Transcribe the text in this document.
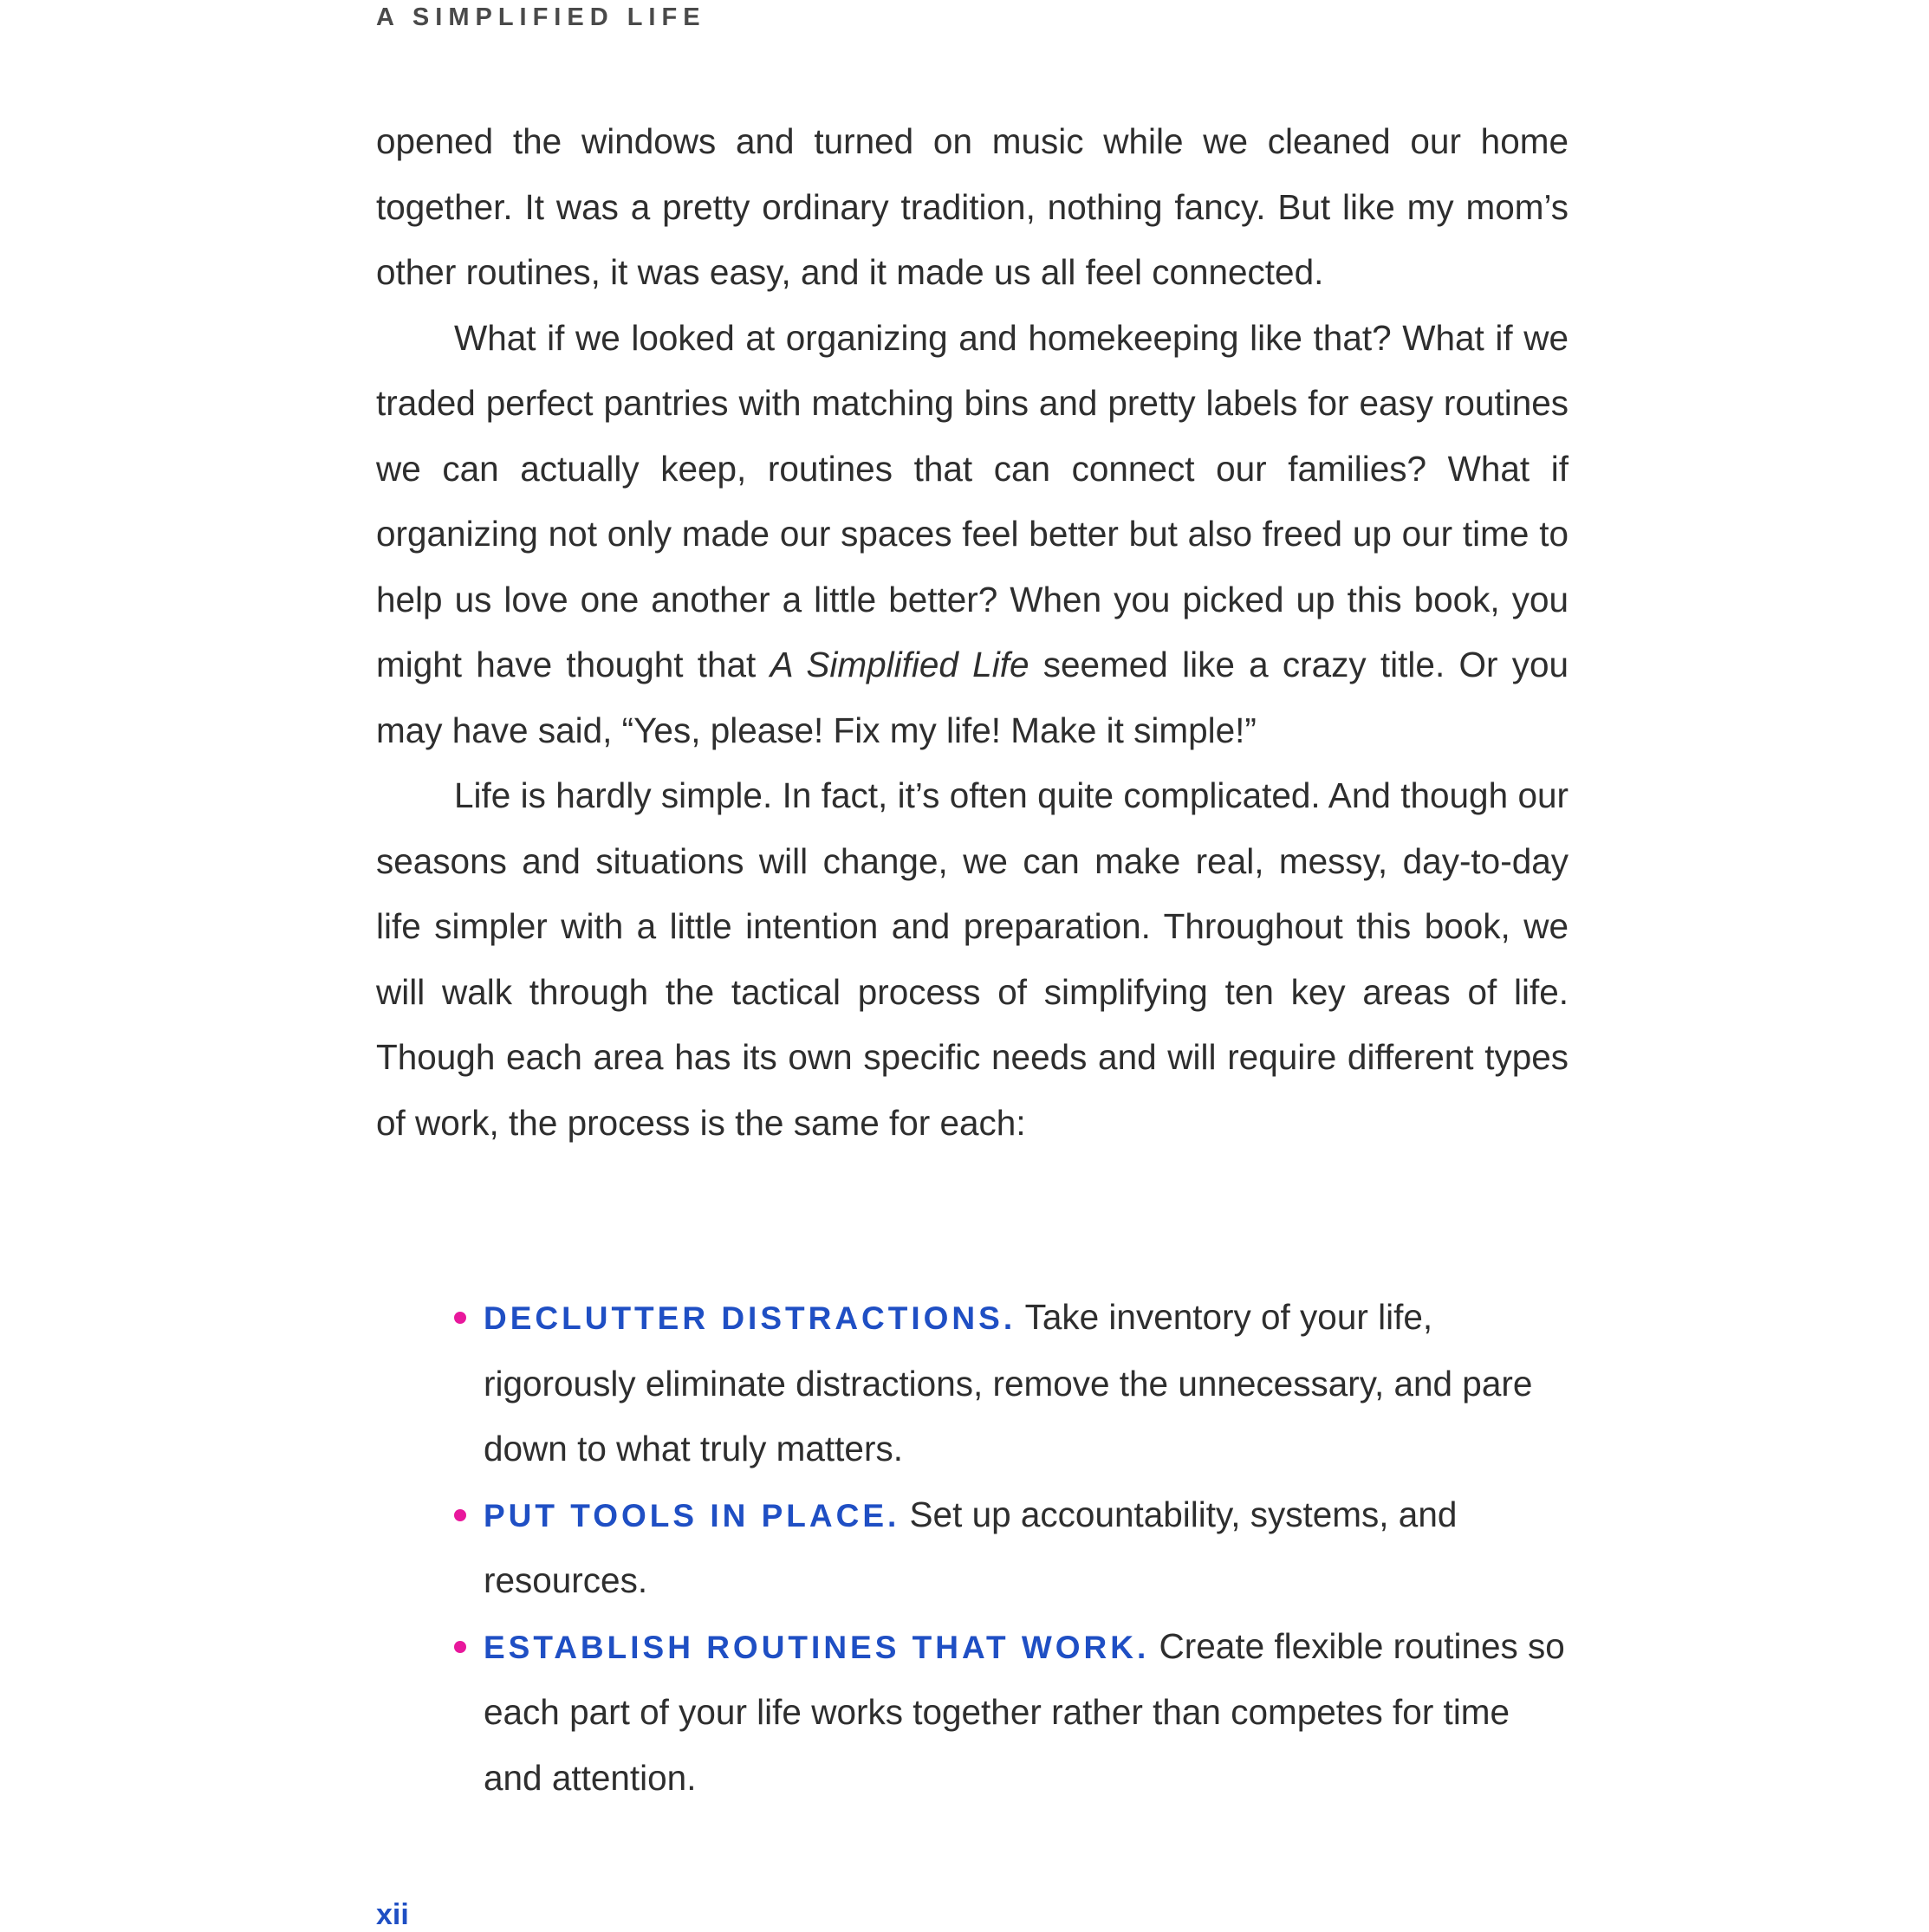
A SIMPLIFIED LIFE

opened the windows and turned on music while we cleaned our home together. It was a pretty ordinary tradition, nothing fancy. But like my mom’s other routines, it was easy, and it made us all feel connected.

What if we looked at organizing and homekeeping like that? What if we traded perfect pantries with matching bins and pretty labels for easy routines we can actually keep, routines that can connect our families? What if organizing not only made our spaces feel better but also freed up our time to help us love one another a little better? When you picked up this book, you might have thought that A Simplified Life seemed like a crazy title. Or you may have said, “Yes, please! Fix my life! Make it simple!”

Life is hardly simple. In fact, it’s often quite complicated. And though our seasons and situations will change, we can make real, messy, day-to-day life simpler with a little intention and preparation. Throughout this book, we will walk through the tactical process of simplifying ten key areas of life. Though each area has its own specific needs and will require different types of work, the process is the same for each:

DECLUTTER DISTRACTIONS. Take inventory of your life, rigorously eliminate distractions, remove the unnecessary, and pare down to what truly matters.
PUT TOOLS IN PLACE. Set up accountability, systems, and resources.
ESTABLISH ROUTINES THAT WORK. Create flexible routines so each part of your life works together rather than competes for time and attention.
xii
